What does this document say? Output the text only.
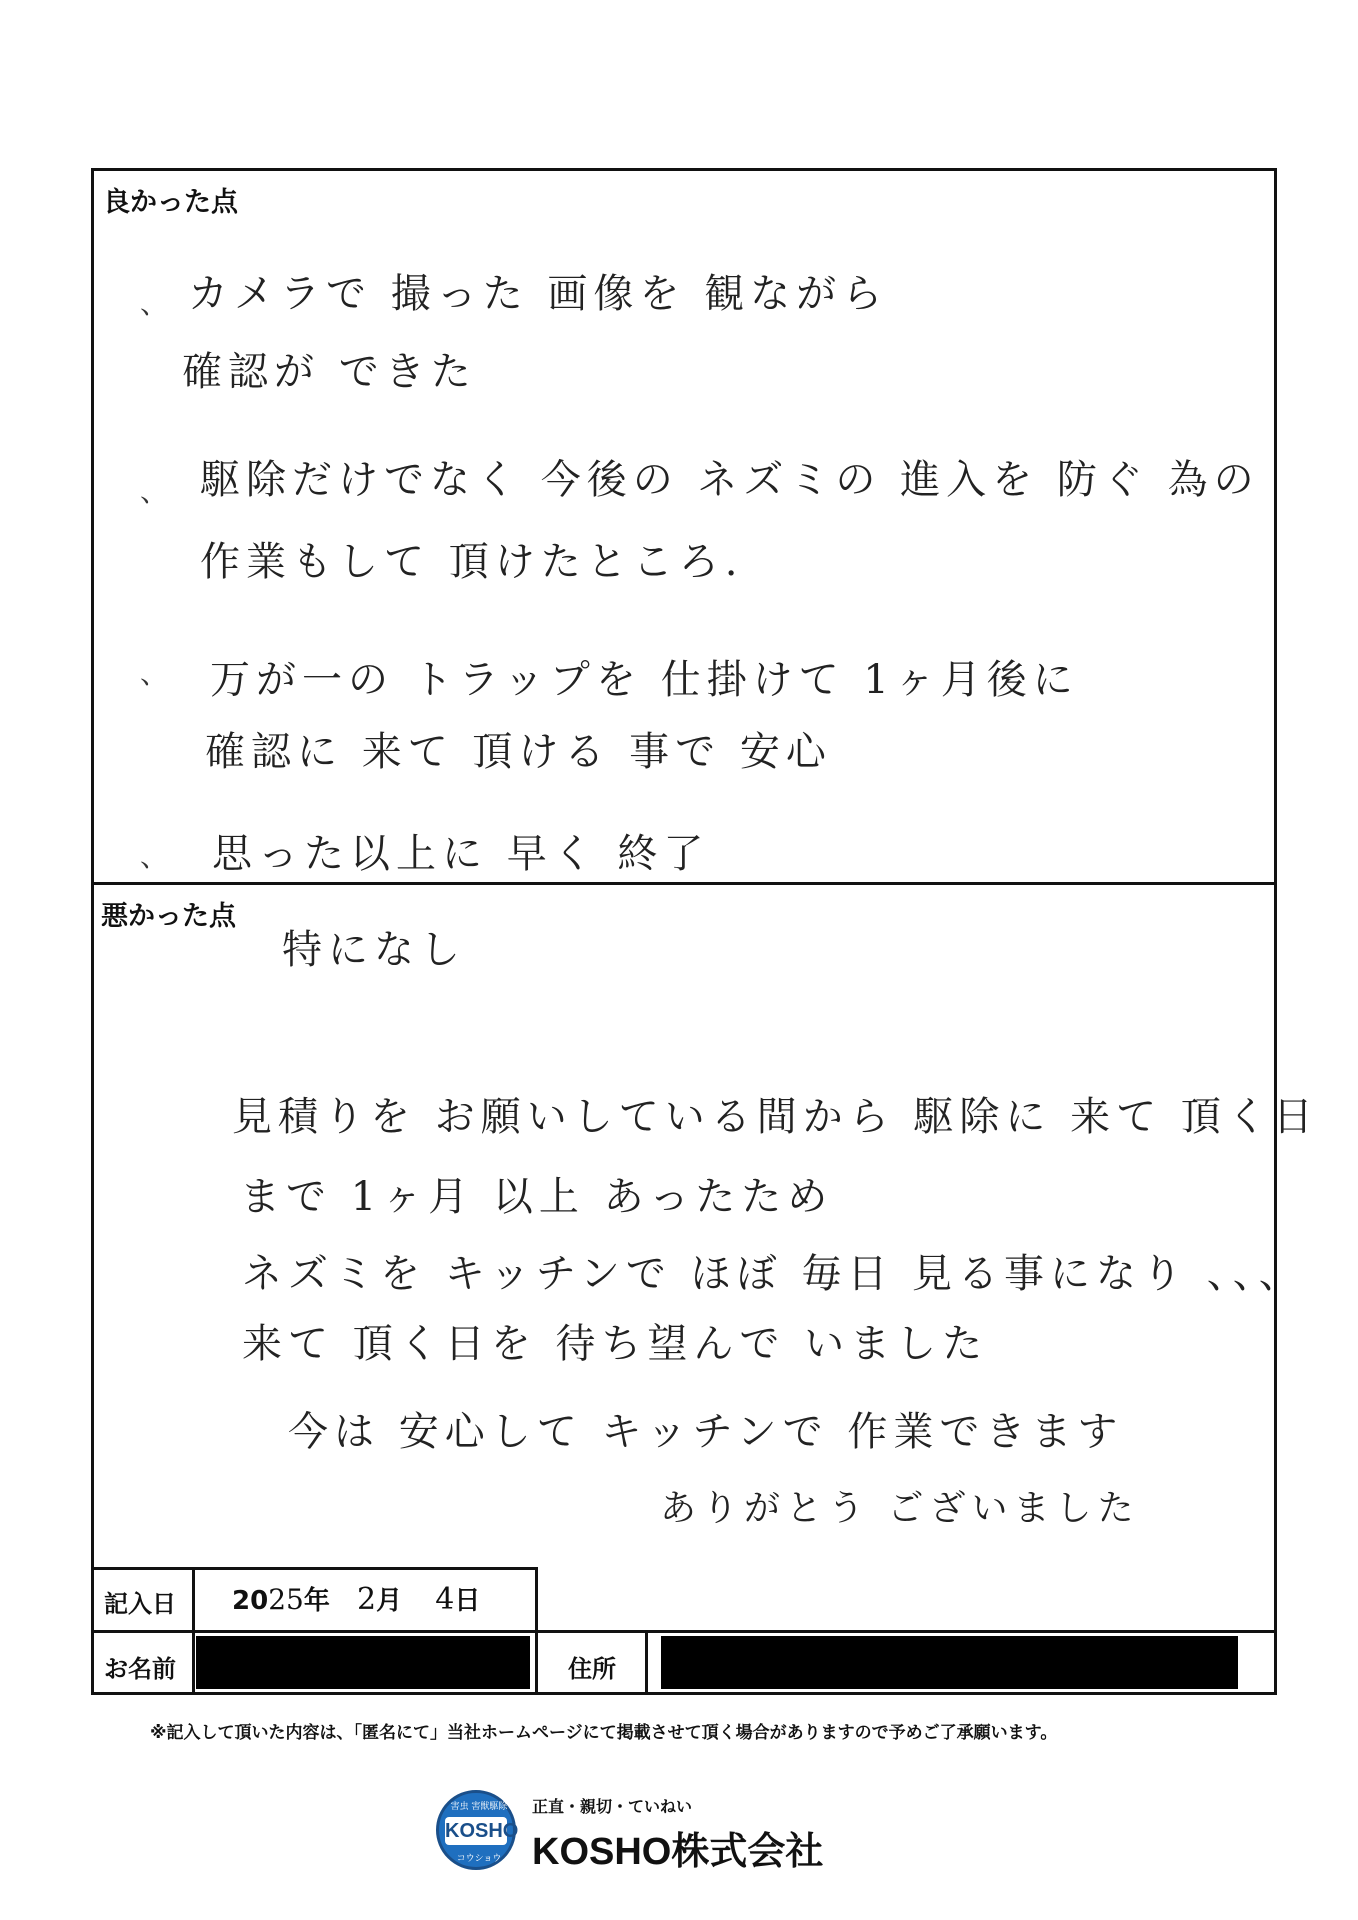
良かった点
、 カメラで 撮った 画像を 観ながら
確認が できた
、 駆除だけでなく 今後の ネズミの 進入を 防ぐ 為の
作業もして 頂けたところ.
、 万が一の トラップを 仕掛けて 1ヶ月後に
確認に 来て 頂ける 事で 安心
、 思った以上に 早く 終了
悪かった点
特になし
見積りを お願いしている間から 駆除に 来て 頂く日
まで 1ヶ月 以上 あったため
ネズミを キッチンで ほぼ 毎日 見る事になり 、、、
来て 頂く日を 待ち望んで いました
今は 安心して キッチンで 作業できます
ありがとう ございました
記入日 2025年 2月 4日
お名前	住所
※記入して頂いた内容は、「匿名にて」当社ホームページにて掲載させて頂く場合がありますので予めご了承願います。
害虫 害獣駆除
KOSHO
コウショウ
正直・親切・ていねい
KOSHO株式会社
